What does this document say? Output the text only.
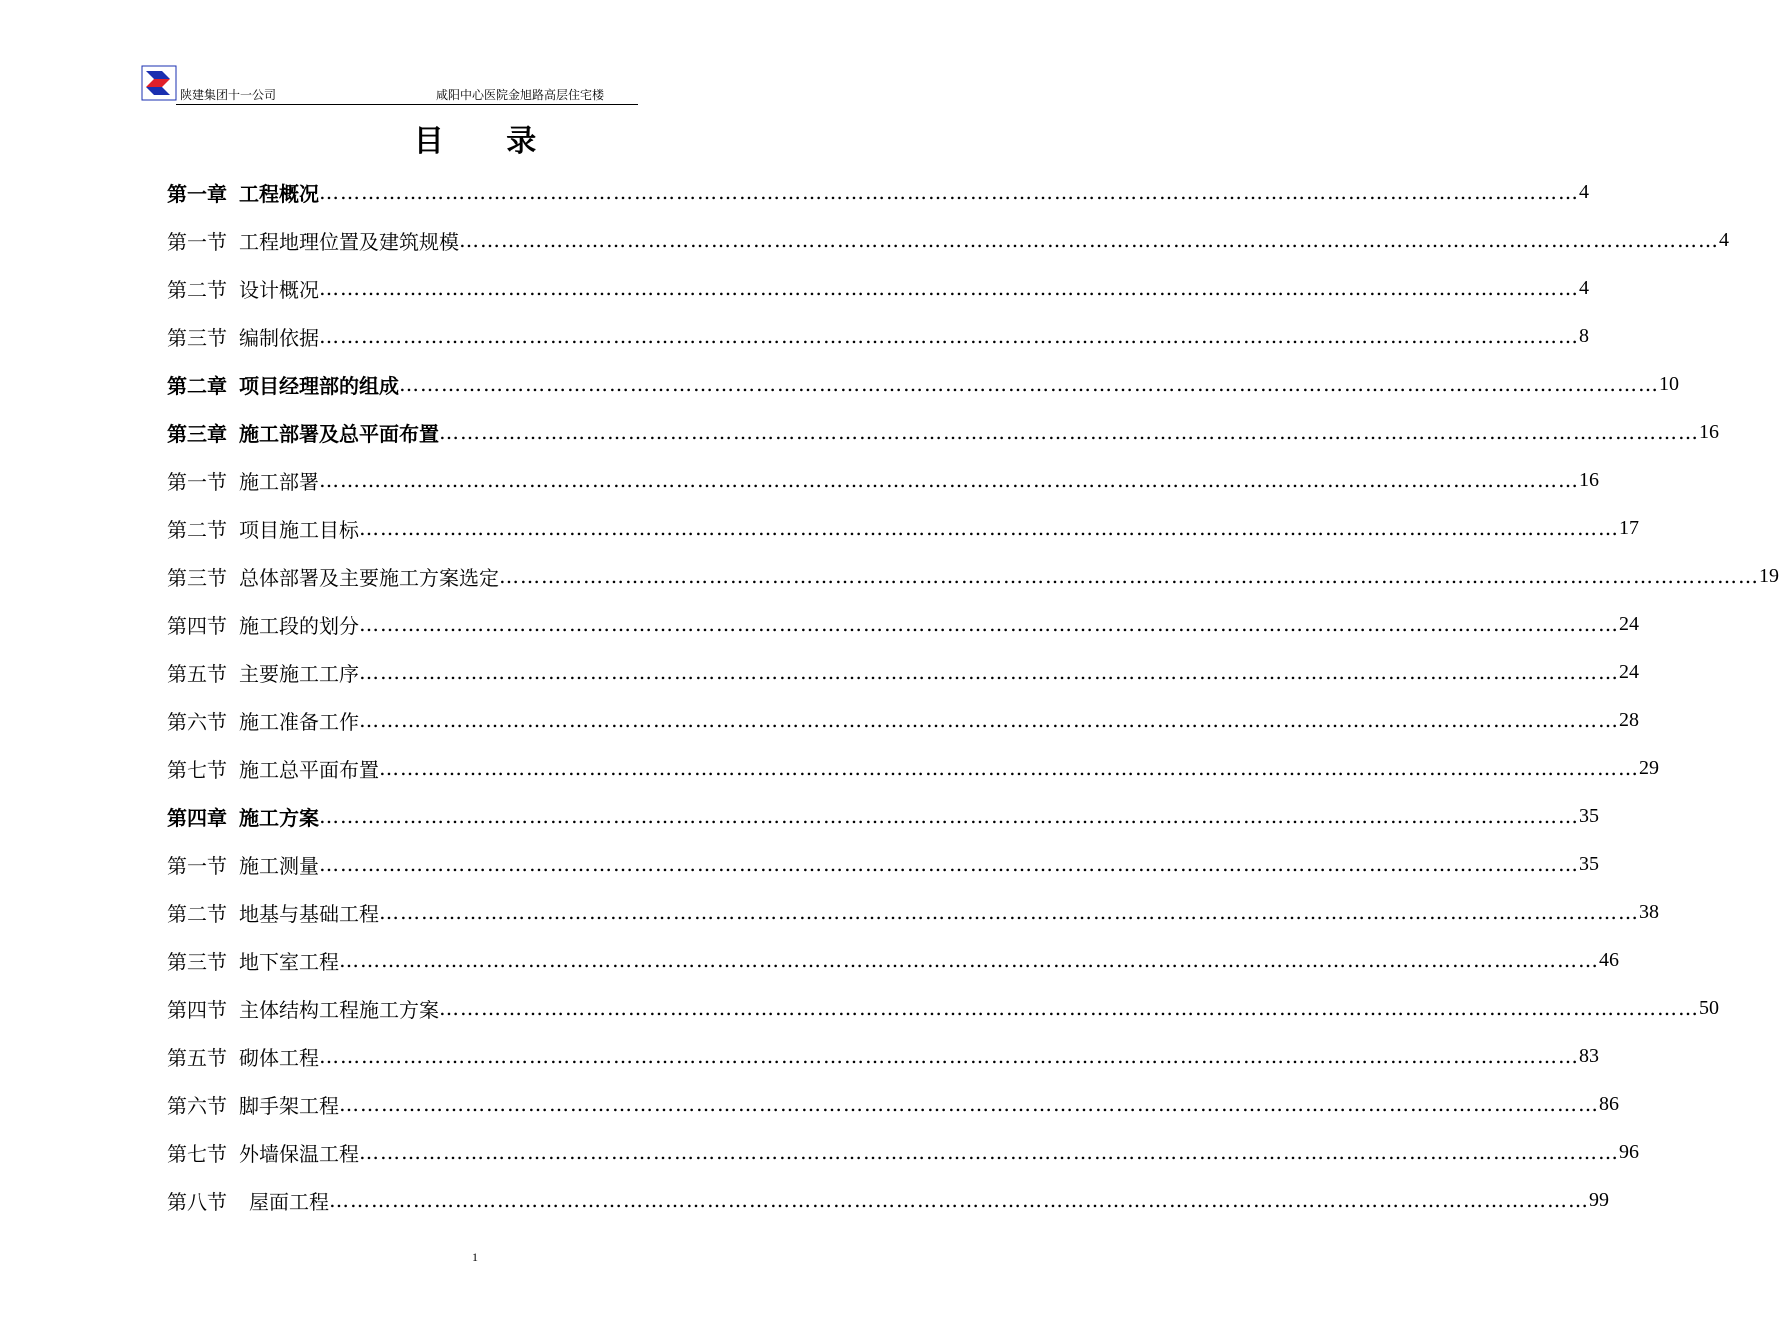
陕建集团十一公司	咸阳中心医院金旭路高层住宅楼
目 录
第一章 工程概况 ……………………………………………………………………………………………………………………………………………………………… 4
第一节 工程地理位置及建筑规模 ……………………………………………………………………………………………………………………………………………………………… 4
第二节 设计概况 ……………………………………………………………………………………………………………………………………………………………… 4
第三节 编制依据 ……………………………………………………………………………………………………………………………………………………………… 8
第二章 项目经理部的组成 ……………………………………………………………………………………………………………………………………………………………… 10
第三章 施工部署及总平面布置 ……………………………………………………………………………………………………………………………………………………………… 16
第一节 施工部署 ……………………………………………………………………………………………………………………………………………………………… 16
第二节 项目施工目标 ……………………………………………………………………………………………………………………………………………………………… 17
第三节 总体部署及主要施工方案选定 ……………………………………………………………………………………………………………………………………………………………… 19
第四节 施工段的划分 ……………………………………………………………………………………………………………………………………………………………… 24
第五节 主要施工工序 ……………………………………………………………………………………………………………………………………………………………… 24
第六节 施工准备工作 ……………………………………………………………………………………………………………………………………………………………… 28
第七节 施工总平面布置 ……………………………………………………………………………………………………………………………………………………………… 29
第四章 施工方案 ……………………………………………………………………………………………………………………………………………………………… 35
第一节 施工测量 ……………………………………………………………………………………………………………………………………………………………… 35
第二节 地基与基础工程 ……………………………………………………………………………………………………………………………………………………………… 38
第三节 地下室工程 ……………………………………………………………………………………………………………………………………………………………… 46
第四节 主体结构工程施工方案 ……………………………………………………………………………………………………………………………………………………………… 50
第五节 砌体工程 ……………………………………………………………………………………………………………………………………………………………… 83
第六节 脚手架工程 ……………………………………………………………………………………………………………………………………………………………… 86
第七节 外墙保温工程 ……………………………………………………………………………………………………………………………………………………………… 96
第八节 屋面工程 ……………………………………………………………………………………………………………………………………………………………… 99
1
